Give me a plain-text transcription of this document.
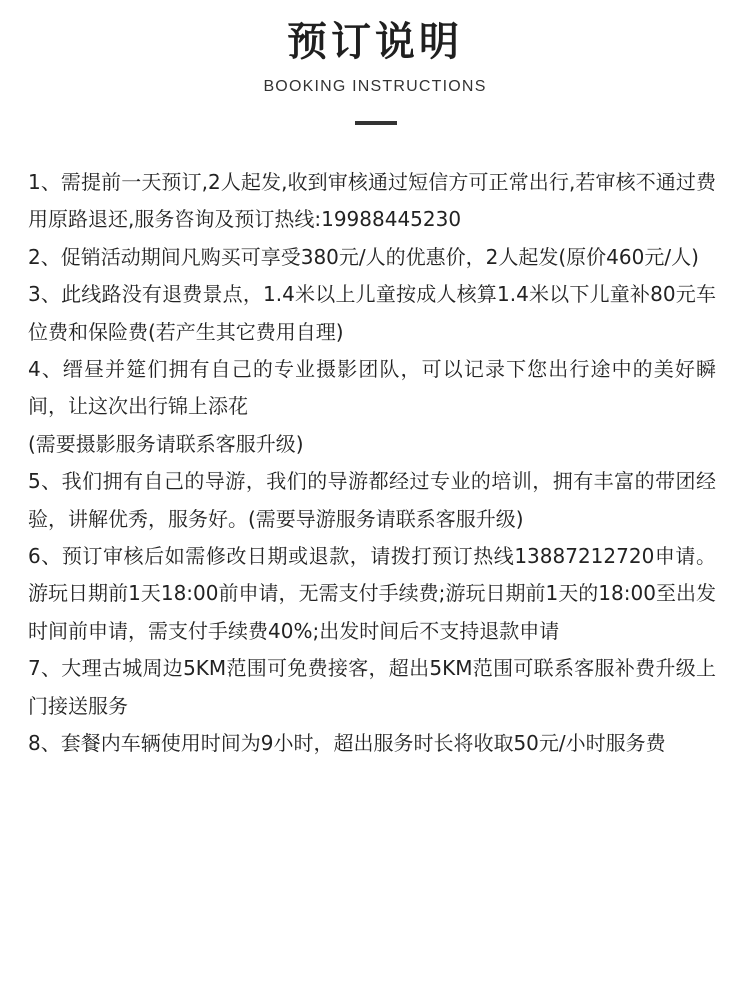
预订说明
BOOKING INSTRUCTIONS

1、需提前一天预订,2人起发,收到审核通过短信方可正常出行,若审核不通过费用原路退还,服务咨询及预订热线:19988445230

2、促销活动期间凡购买可享受380元/人的优惠价，2人起发(原价460元/人)

3、此线路没有退费景点，1.4米以上儿童按成人核算1.4米以下儿童补80元车位费和保险费(若产生其它费用自理)

4、缙昼并筵们拥有自己的专业摄影团队，可以记录下您出行途中的美好瞬间，让这次出行锦上添花

(需要摄影服务请联系客服升级)

5、我们拥有自己的导游，我们的导游都经过专业的培训，拥有丰富的带团经验，讲解优秀，服务好。(需要导游服务请联系客服升级)

6、预订审核后如需修改日期或退款，请拨打预订热线13887212720申请。游玩日期前1天18:00前申请，无需支付手续费;游玩日期前1天的18:00至出发时间前申请，需支付手续费40%;出发时间后不支持退款申请

7、大理古城周边5KM范围可免费接客，超出5KM范围可联系客服补费升级上门接送服务

8、套餐内车辆使用时间为9小时，超出服务时长将收取50元/小时服务费
